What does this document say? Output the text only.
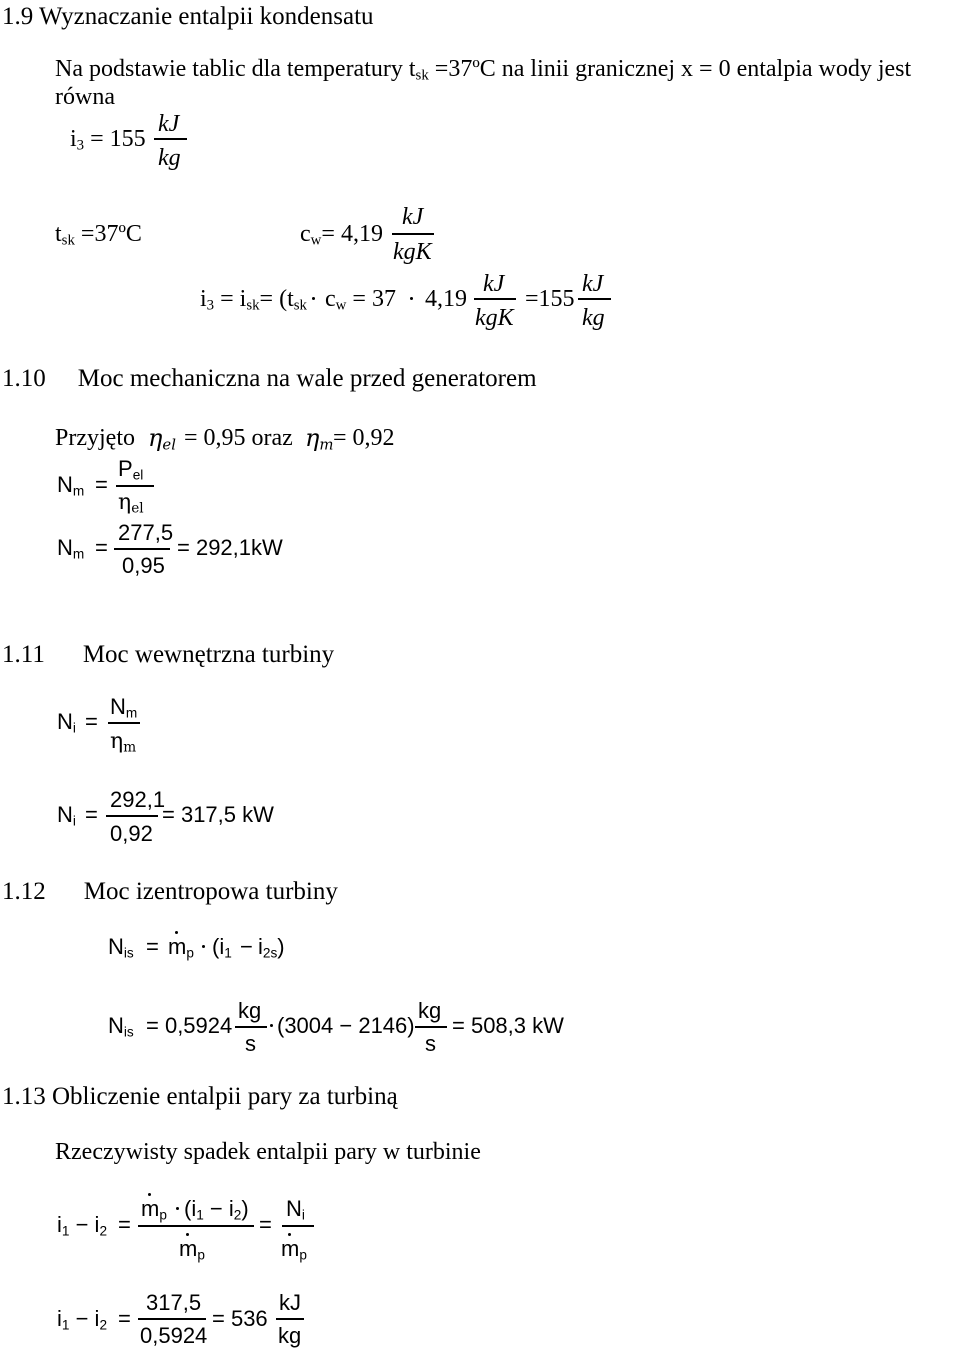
1.9 Wyznaczanie entalpii kondensatu
Na podstawie tablic dla temperatury $t_{sk}$ =37ºC na linii granicznej x = 0 entalpia wody jest
równa
$i_3 = 155$
kJ
kg
$t_{sk}$ =37ºC	$c_w= 4,19$
kJ
kgK
$i_3 = i_{sk}= (t_{sk}$ $c_w = 37$ 4,19
kJ
kgK
=155
kJ
kg
1.10 Moc mechaniczna na wale przed generatorem
Przyjęto $\eta_{el} = 0,95$ oraz $\eta_m = 0,92$
$N_m$ =
$P_{el}$
$\eta_{el}$
$N_m$ =
277,5
0,95
= 292,1kW
1.11 Moc wewnętrzna turbiny
$N_i$ =
$N_m$
$\eta_m$
$N_i$ =
292,1
0,92
= 317,5 kW
1.12 Moc izentropowa turbiny
$N_{is} = m_p$ $(i_1 - i_{2s})$
$N_{is} = 0,5924$
kg
s
(3004 − 2146)
kg
s
= 508,3 kW
1.13 Obliczenie entalpii pary za turbiną
Rzeczywisty spadek entalpii pary w turbinie
$i_1 - i_2$ =
$m_p$ $(i_1 - i_2)$
$m_p$
=
$N_i$
$m_p$
$i_1 - i_2$ =
317,5
0,5924
= 536
kJ
kg
